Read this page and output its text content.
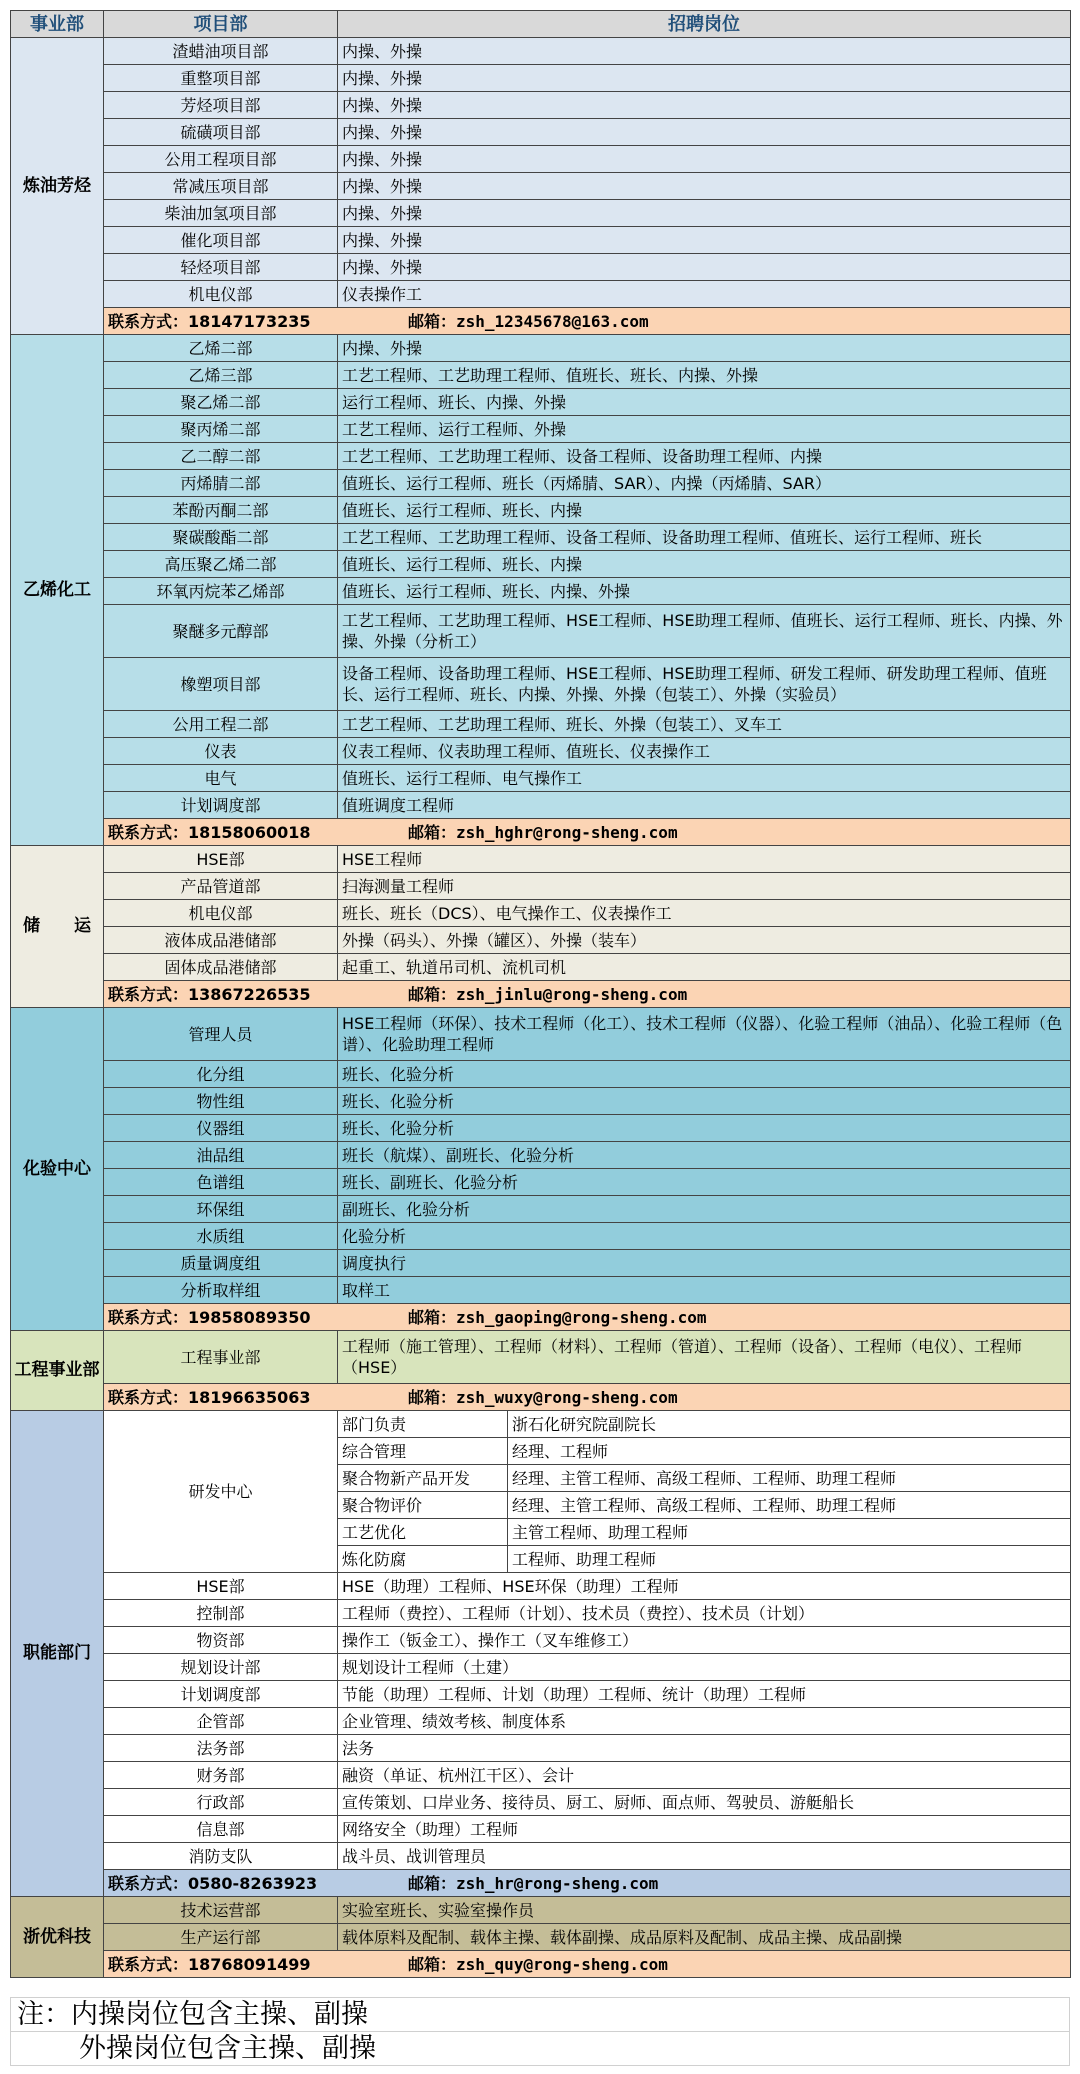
事业部	项目部	招聘岗位	
炼油芳烃	渣蜡油项目部	内操、外操	
	重整项目部	内操、外操	
	芳烃项目部	内操、外操	
	硫磺项目部	内操、外操	
	公用工程项目部	内操、外操	
	常减压项目部	内操、外操	
	柴油加氢项目部	内操、外操	
	催化项目部	内操、外操	
	轻烃项目部	内操、外操	
	机电仪部	仪表操作工	
	联系方式：18147173235 邮箱：zsh_12345678@163.com		
乙烯化工	乙烯二部	内操、外操	
	乙烯三部	工艺工程师、工艺助理工程师、值班长、班长、内操、外操	
	聚乙烯二部	运行工程师、班长、内操、外操	
	聚丙烯二部	工艺工程师、运行工程师、外操	
	乙二醇二部	工艺工程师、工艺助理工程师、设备工程师、设备助理工程师、内操	
	丙烯腈二部	值班长、运行工程师、班长（丙烯腈、SAR）、内操（丙烯腈、SAR）	
	苯酚丙酮二部	值班长、运行工程师、班长、内操	
	聚碳酸酯二部	工艺工程师、工艺助理工程师、设备工程师、设备助理工程师、值班长、运行工程师、班长	
	高压聚乙烯二部	值班长、运行工程师、班长、内操	
	环氧丙烷苯乙烯部	值班长、运行工程师、班长、内操、外操	
	聚醚多元醇部	工艺工程师、工艺助理工程师、HSE工程师、HSE助理工程师、值班长、运行工程师、班长、内操、外操、外操（分析工）	
	橡塑项目部	设备工程师、设备助理工程师、HSE工程师、HSE助理工程师、研发工程师、研发助理工程师、值班长、运行工程师、班长、内操、外操、外操（包装工）、外操（实验员）	
	公用工程二部	工艺工程师、工艺助理工程师、班长、外操（包装工）、叉车工	
	仪表	仪表工程师、仪表助理工程师、值班长、仪表操作工	
	电气	值班长、运行工程师、电气操作工	
	计划调度部	值班调度工程师	
	联系方式：18158060018 邮箱：zsh_hghr@rong-sheng.com		
储　　运	HSE部	HSE工程师	
	产品管道部	扫海测量工程师	
	机电仪部	班长、班长（DCS）、电气操作工、仪表操作工	
	液体成品港储部	外操（码头）、外操（罐区）、外操（装车）	
	固体成品港储部	起重工、轨道吊司机、流机司机	
	联系方式：13867226535 邮箱：zsh_jinlu@rong-sheng.com		
化验中心	管理人员	HSE工程师（环保）、技术工程师（化工）、技术工程师（仪器）、化验工程师（油品）、化验工程师（色谱）、化验助理工程师	
	化分组	班长、化验分析	
	物性组	班长、化验分析	
	仪器组	班长、化验分析	
	油品组	班长（航煤）、副班长、化验分析	
	色谱组	班长、副班长、化验分析	
	环保组	副班长、化验分析	
	水质组	化验分析	
	质量调度组	调度执行	
	分析取样组	取样工	
	联系方式：19858089350 邮箱：zsh_gaoping@rong-sheng.com		
工程事业部	工程事业部	工程师（施工管理）、工程师（材料）、工程师（管道）、工程师（设备）、工程师（电仪）、工程师（HSE）	
	联系方式：18196635063 邮箱：zsh_wuxy@rong-sheng.com		
职能部门	研发中心	部门负责	浙石化研究院副院长
		综合管理	经理、工程师
		聚合物新产品开发	经理、主管工程师、高级工程师、工程师、助理工程师
		聚合物评价	经理、主管工程师、高级工程师、工程师、助理工程师
		工艺优化	主管工程师、助理工程师
		炼化防腐	工程师、助理工程师
	HSE部	HSE（助理）工程师、HSE环保（助理）工程师	
	控制部	工程师（费控）、工程师（计划）、技术员（费控）、技术员（计划）	
	物资部	操作工（钣金工）、操作工（叉车维修工）	
	规划设计部	规划设计工程师（土建）	
	计划调度部	节能（助理）工程师、计划（助理）工程师、统计（助理）工程师	
	企管部	企业管理、绩效考核、制度体系	
	法务部	法务	
	财务部	融资（单证、杭州江干区）、会计	
	行政部	宣传策划、口岸业务、接待员、厨工、厨师、面点师、驾驶员、游艇船长	
	信息部	网络安全（助理）工程师	
	消防支队	战斗员、战训管理员	
	联系方式：0580-8263923 邮箱：zsh_hr@rong-sheng.com		
浙优科技	技术运营部	实验室班长、实验室操作员	
	生产运行部	载体原料及配制、载体主操、载体副操、成品原料及配制、成品主操、成品副操	
	联系方式：18768091499 邮箱：zsh_quy@rong-sheng.com		
注：内操岗位包含主操、副操
外操岗位包含主操、副操
